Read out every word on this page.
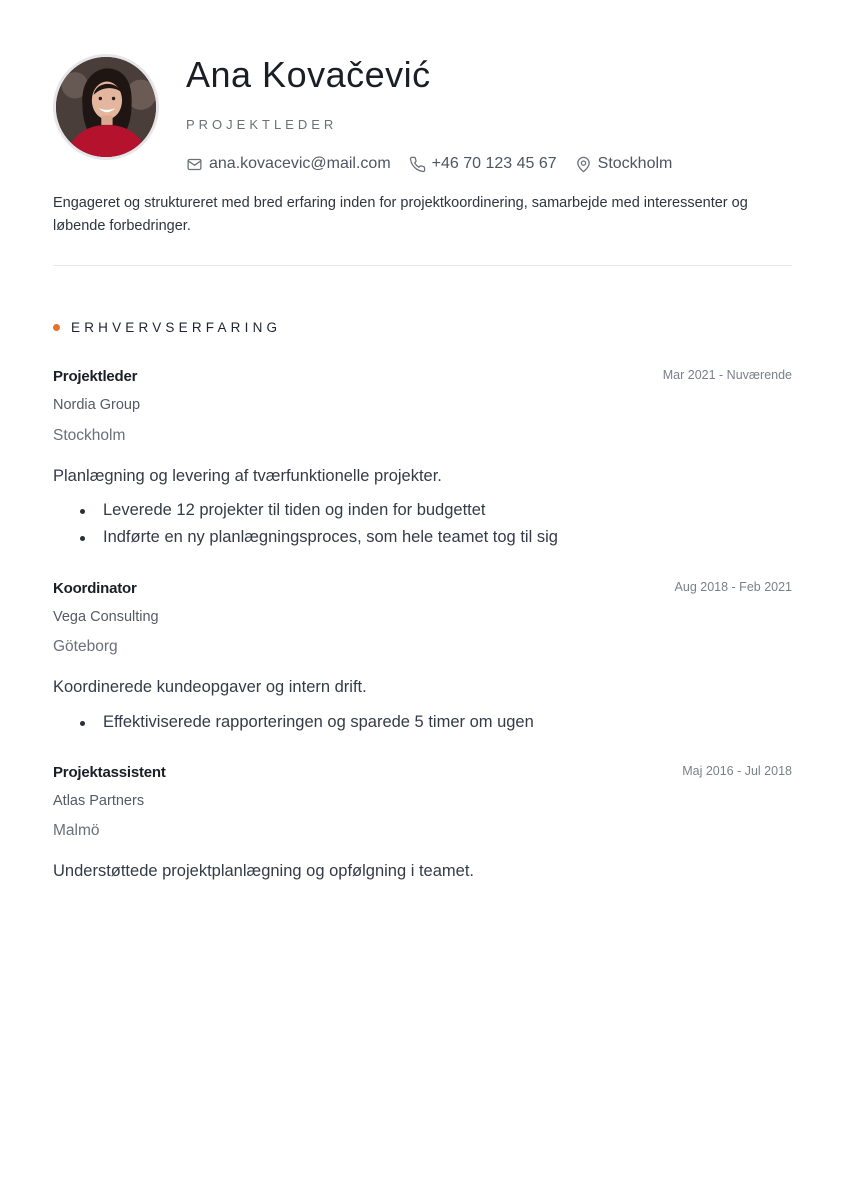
Ana Kovačević
PROJEKTLEDER
ana.kovacevic@mail.com	+46 70 123 45 67	Stockholm
Engageret og struktureret med bred erfaring inden for projektkoordinering, samarbejde med interessenter og løbende forbedringer.
ERHVERVSERFARING
Projektleder	Mar 2021 - Nuværende
Nordia Group
Stockholm
Planlægning og levering af tværfunktionelle projekter.
Leverede 12 projekter til tiden og inden for budgettet
Indførte en ny planlægningsproces, som hele teamet tog til sig
Koordinator	Aug 2018 - Feb 2021
Vega Consulting
Göteborg
Koordinerede kundeopgaver og intern drift.
Effektiviserede rapporteringen og sparede 5 timer om ugen
Projektassistent	Maj 2016 - Jul 2018
Atlas Partners
Malmö
Understøttede projektplanlægning og opfølgning i teamet.
